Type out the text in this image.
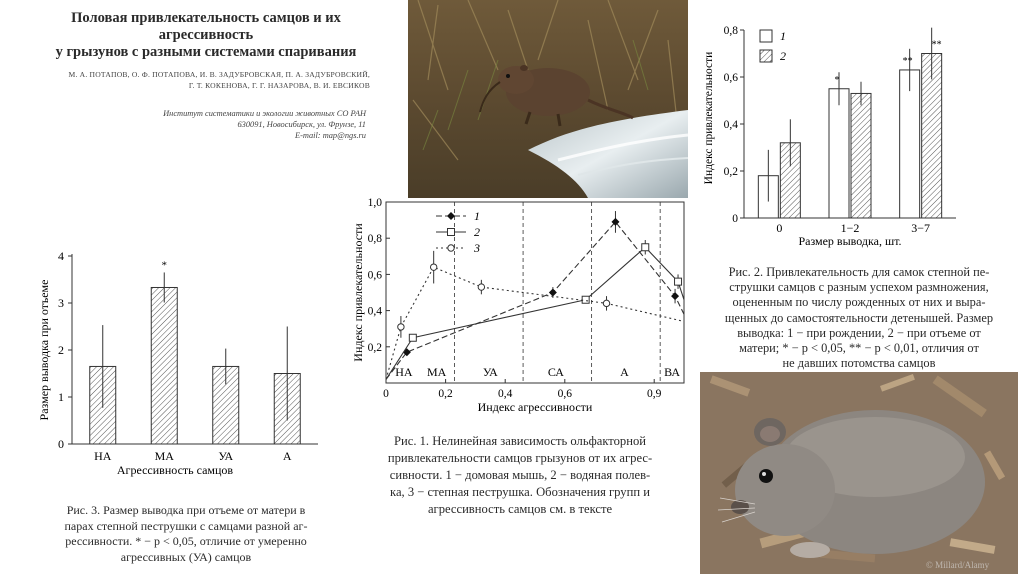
Половая привлекательность самцов и их агрессивность
у грызунов с разными системами спаривания
М. А. ПОТАПОВ, О. Ф. ПОТАПОВА, И. В. ЗАДУБРОВСКАЯ, П. А. ЗАДУБРОВСКИЙ,
Г. Т. КОКЕНОВА, Г. Г. НАЗАРОВА, В. И. ЕВСИКОВ
Институт систематики и экологии животных СО РАН
630091, Новосибирск, ул. Фрунзе, 11
E-mail: map@ngs.ru
© Millard/Alamy
0
1
2
3
4
НА
*
МА	УА	А
Агрессивность самцов
Размер выводка при отъеме
Рис. 3. Размер выводка при отъеме от матери в
парах степной пеструшки с самцами разной аг-
рессивности. * − p < 0,05, отличие от умеренно
агрессивных (УА) самцов
0,2
0,4
0,6
0,8
1,0
0	0,2	0,4	0,6	0,9
НА МА	УА	СА	А	ВА
Индекс агрессивности
Индекс привлекательности
1
2
3
Рис. 1. Нелинейная зависимость ольфакторной
привлекательности самцов грызунов от их агрес-
сивности. 1 − домовая мышь, 2 − водяная полев-
ка, 3 − степная пеструшка. Обозначения групп и
агрессивность самцов см. в тексте
0
0,2
0,4
0,6
0,8
0
*
1−2
**
**
3−7
Размер выводка, шт.
Индекс привлекательности
1
2
Рис. 2. Привлекательность для самок степной пе-
струшки самцов с разным успехом размножения,
оцененным по числу рожденных от них и выра-
щенных до самостоятельности детенышей. Размер
выводка: 1 − при рождении, 2 − при отъеме от
матери; * − p < 0,05, ** − p < 0,01, отличия от
не давших потомства самцов
